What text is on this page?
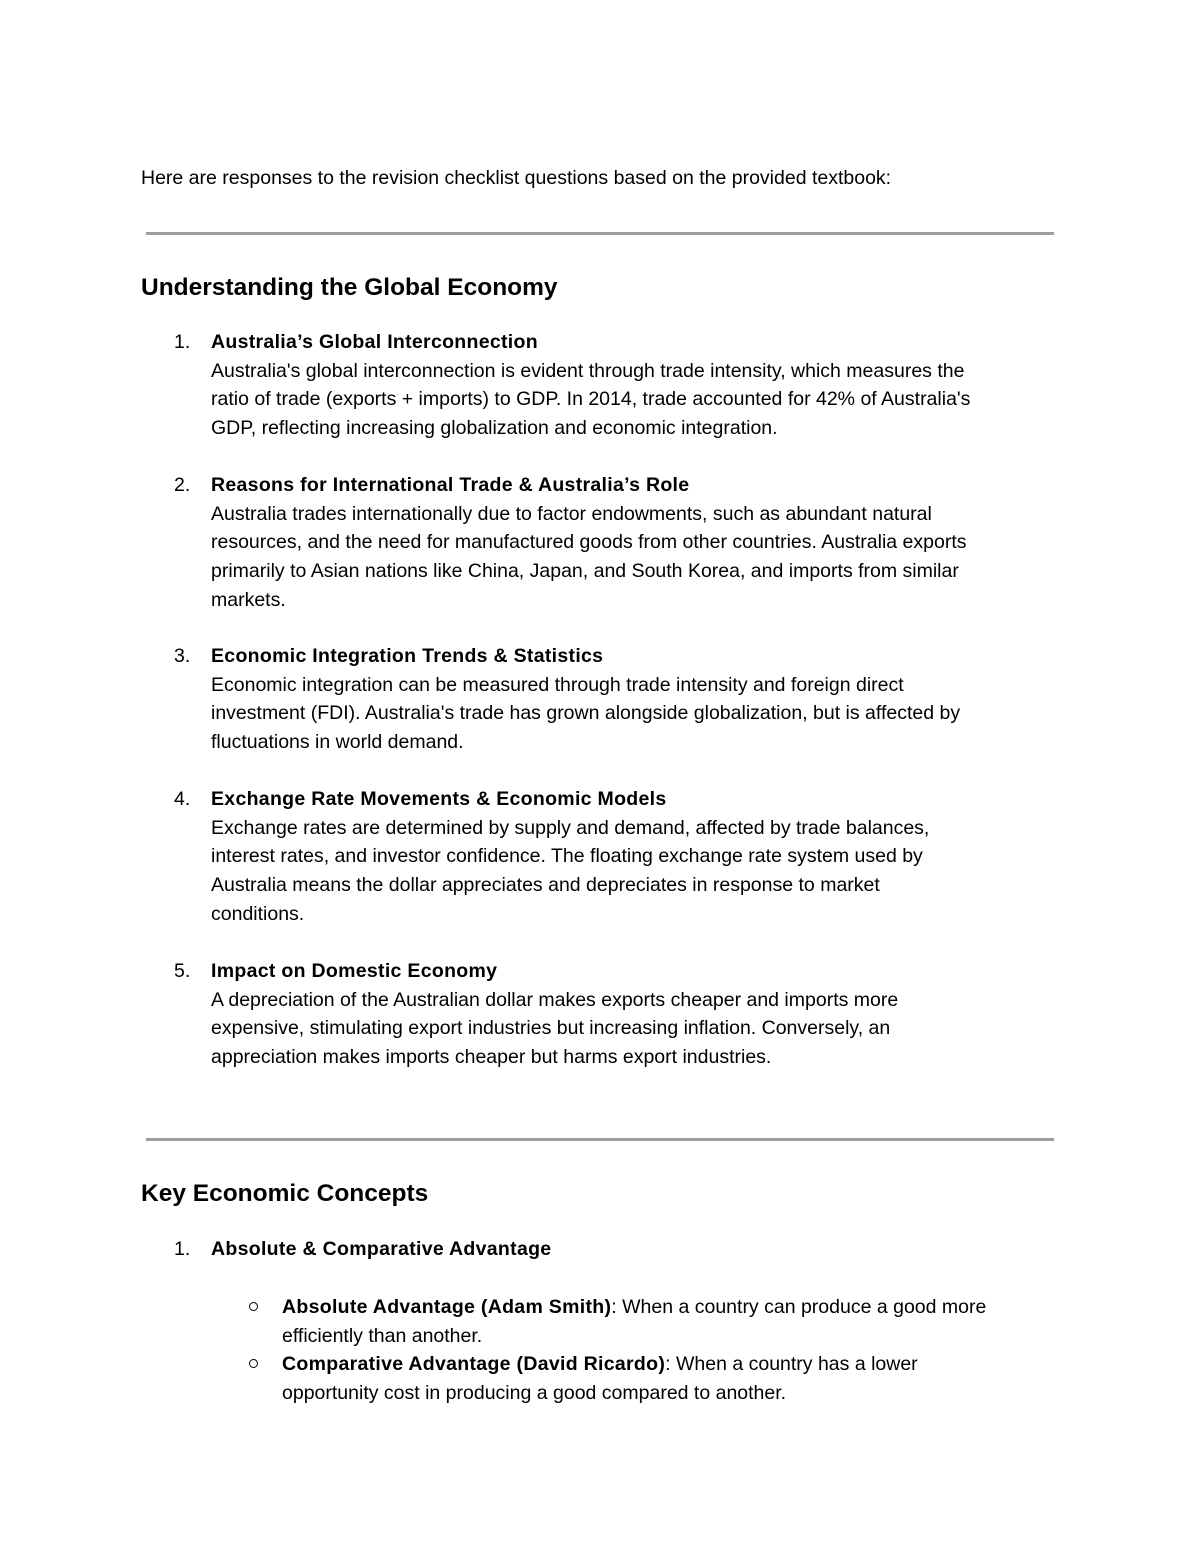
Here are responses to the revision checklist questions based on the provided textbook:

Understanding the Global Economy
1. Australia’s Global Interconnection
Australia's global interconnection is evident through trade intensity, which measures the
ratio of trade (exports + imports) to GDP. In 2014, trade accounted for 42% of Australia's
GDP, reflecting increasing globalization and economic integration.
2. Reasons for International Trade & Australia’s Role
Australia trades internationally due to factor endowments, such as abundant natural
resources, and the need for manufactured goods from other countries. Australia exports
primarily to Asian nations like China, Japan, and South Korea, and imports from similar
markets.
3. Economic Integration Trends & Statistics
Economic integration can be measured through trade intensity and foreign direct
investment (FDI). Australia's trade has grown alongside globalization, but is affected by
fluctuations in world demand.
4. Exchange Rate Movements & Economic Models
Exchange rates are determined by supply and demand, affected by trade balances,
interest rates, and investor confidence. The floating exchange rate system used by
Australia means the dollar appreciates and depreciates in response to market
conditions.
5. Impact on Domestic Economy
A depreciation of the Australian dollar makes exports cheaper and imports more
expensive, stimulating export industries but increasing inflation. Conversely, an
appreciation makes imports cheaper but harms export industries.
Key Economic Concepts
1. Absolute & Comparative Advantage
Absolute Advantage (Adam Smith): When a country can produce a good more
efficiently than another.
Comparative Advantage (David Ricardo): When a country has a lower
opportunity cost in producing a good compared to another.
